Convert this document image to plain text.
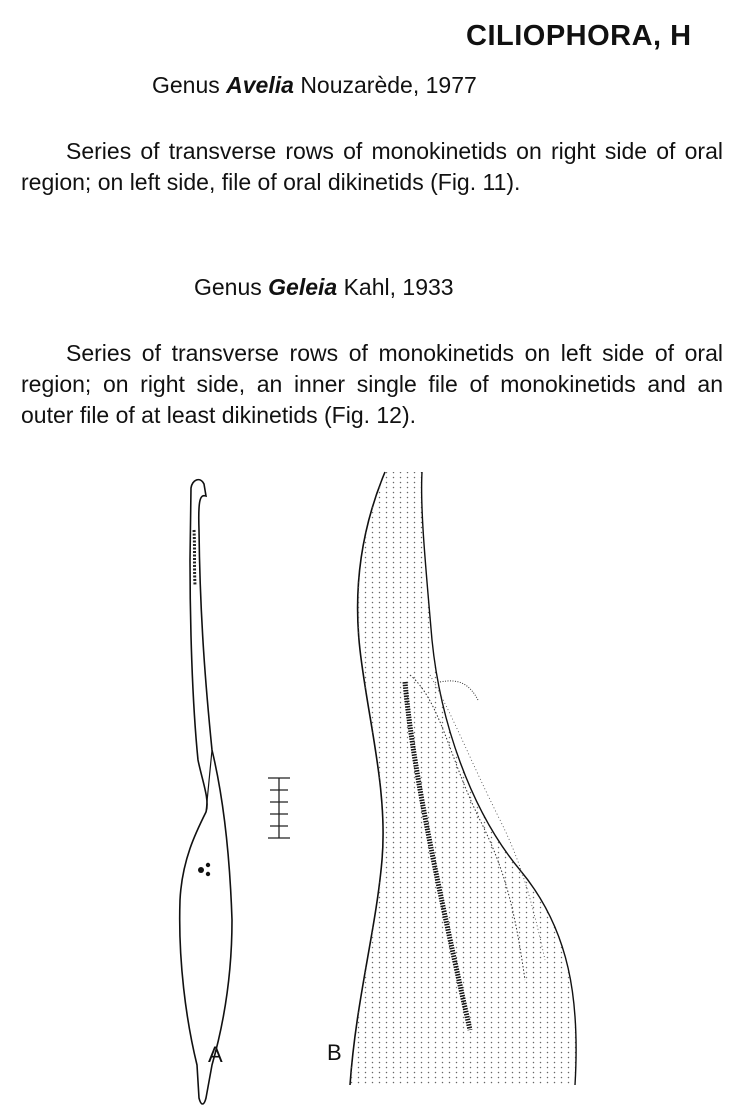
CILIOPHORA, H
Genus Avelia Nouzarède, 1977

Series of transverse rows of monokinetids on right side of oral region; on left side, file of oral dikinetids (Fig. 11).

Genus Geleia Kahl, 1933

Series of transverse rows of monokinetids on left side of oral region; on right side, an inner single file of monokinetids and an outer file of at least dikinetids (Fig. 12).

A	B
